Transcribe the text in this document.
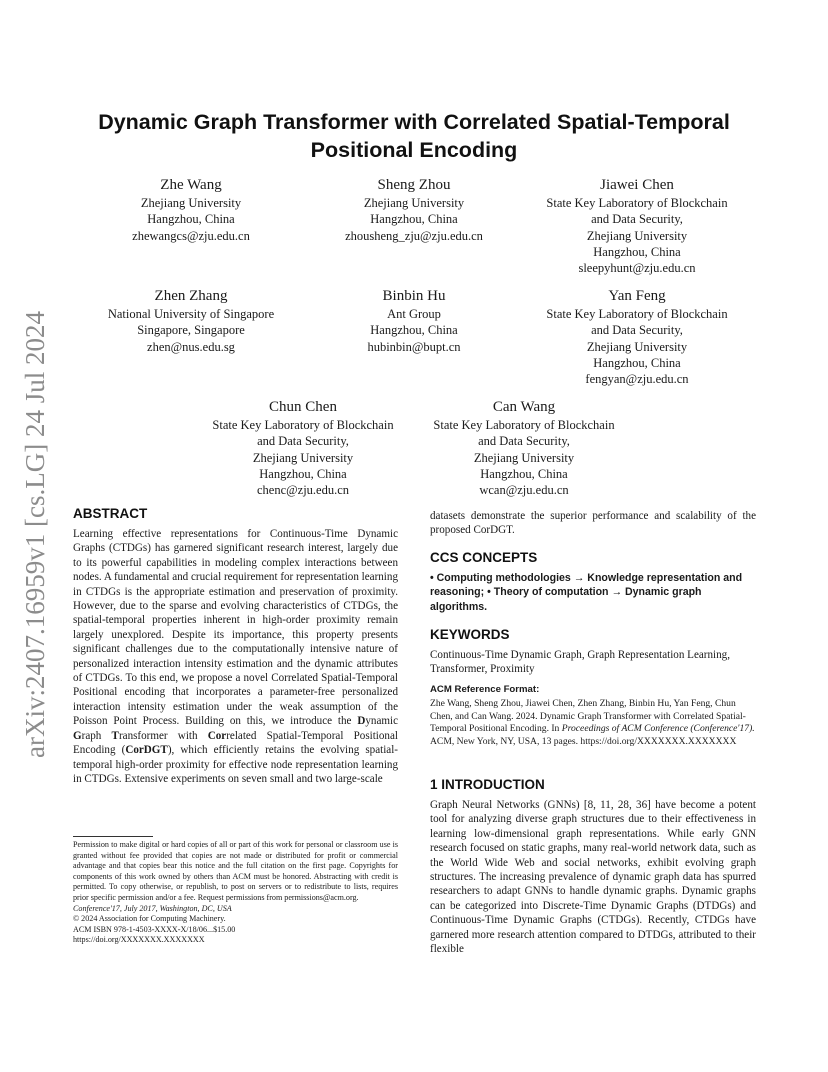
arXiv:2407.16959v1 [cs.LG] 24 Jul 2024
Dynamic Graph Transformer with Correlated Spatial-Temporal
Positional Encoding
Zhe Wang
Zhejiang University
Hangzhou, China
zhewangcs@zju.edu.cn
Sheng Zhou
Zhejiang University
Hangzhou, China
zhousheng_zju@zju.edu.cn
Jiawei Chen
State Key Laboratory of Blockchain
and Data Security,
Zhejiang University
Hangzhou, China
sleepyhunt@zju.edu.cn
Zhen Zhang
National University of Singapore
Singapore, Singapore
zhen@nus.edu.sg
Binbin Hu
Ant Group
Hangzhou, China
hubinbin@bupt.cn
Yan Feng
State Key Laboratory of Blockchain
and Data Security,
Zhejiang University
Hangzhou, China
fengyan@zju.edu.cn
Chun Chen
State Key Laboratory of Blockchain
and Data Security,
Zhejiang University
Hangzhou, China
chenc@zju.edu.cn
Can Wang
State Key Laboratory of Blockchain
and Data Security,
Zhejiang University
Hangzhou, China
wcan@zju.edu.cn
ABSTRACT
Learning effective representations for Continuous-Time Dynamic Graphs (CTDGs) has garnered significant research interest, largely due to its powerful capabilities in modeling complex interactions between nodes. A fundamental and crucial requirement for representation learning in CTDGs is the appropriate estimation and preservation of proximity. However, due to the sparse and evolving characteristics of CTDGs, the spatial-temporal properties inherent in high-order proximity remain largely unexplored. Despite its importance, this property presents significant challenges due to the computationally intensive nature of personalized interaction intensity estimation and the dynamic attributes of CTDGs. To this end, we propose a novel Correlated Spatial-Temporal Positional encoding that incorporates a parameter-free personalized interaction intensity estimation under the weak assumption of the Poisson Point Process. Building on this, we introduce the Dynamic Graph Transformer with Correlated Spatial-Temporal Positional Encoding (CorDGT), which efficiently retains the evolving spatial-temporal high-order proximity for effective node representation learning in CTDGs. Extensive experiments on seven small and two large-scale
datasets demonstrate the superior performance and scalability of the proposed CorDGT.
CCS CONCEPTS
• Computing methodologies → Knowledge representation and reasoning; • Theory of computation → Dynamic graph algorithms.
KEYWORDS
Continuous-Time Dynamic Graph, Graph Representation Learning, Transformer, Proximity
ACM Reference Format:
Zhe Wang, Sheng Zhou, Jiawei Chen, Zhen Zhang, Binbin Hu, Yan Feng, Chun Chen, and Can Wang. 2024. Dynamic Graph Transformer with Correlated Spatial-Temporal Positional Encoding. In Proceedings of ACM Conference (Conference'17). ACM, New York, NY, USA, 13 pages. https://doi.org/XXXXXXX.XXXXXXX
1 INTRODUCTION
Graph Neural Networks (GNNs) [8, 11, 28, 36] have become a potent tool for analyzing diverse graph structures due to their effectiveness in learning low-dimensional graph representations. While early GNN research focused on static graphs, many real-world network data, such as the World Wide Web and social networks, exhibit evolving graph structures. The increasing prevalence of dynamic graph data has spurred researchers to adapt GNNs to handle dynamic graphs. Dynamic graphs can be categorized into Discrete-Time Dynamic Graphs (DTDGs) and Continuous-Time Dynamic Graphs (CTDGs). Recently, CTDGs have garnered more research attention compared to DTDGs, attributed to their flexible
Permission to make digital or hard copies of all or part of this work for personal or classroom use is granted without fee provided that copies are not made or distributed for profit or commercial advantage and that copies bear this notice and the full citation on the first page. Copyrights for components of this work owned by others than ACM must be honored. Abstracting with credit is permitted. To copy otherwise, or republish, to post on servers or to redistribute to lists, requires prior specific permission and/or a fee. Request permissions from permissions@acm.org.
Conference'17, July 2017, Washington, DC, USA
© 2024 Association for Computing Machinery.
ACM ISBN 978-1-4503-XXXX-X/18/06...$15.00
https://doi.org/XXXXXXX.XXXXXXX
